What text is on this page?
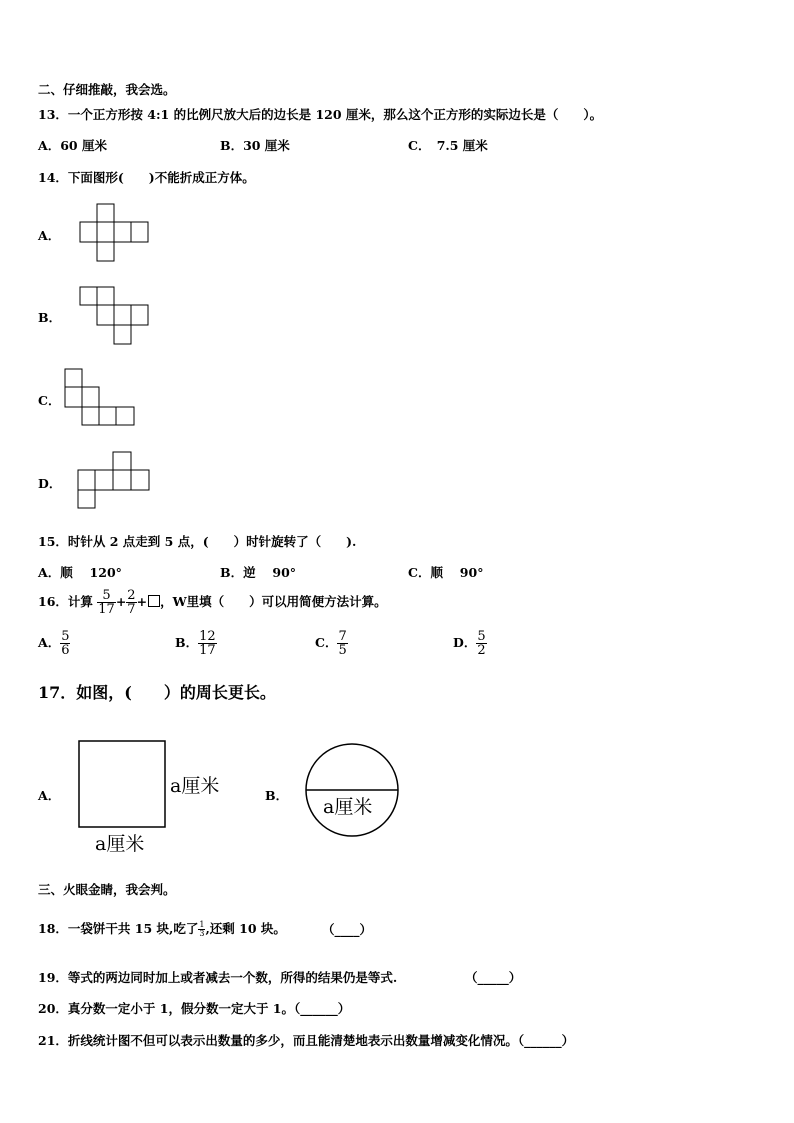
二、仔细推敲，我会选。
13．一个正方形按 4:1 的比例尺放大后的边长是 120 厘米，那么这个正方形的实际边长是（　　）。
A．60 厘米	B．30 厘米	C．　7.5 厘米
14．下面图形(　　)不能折成正方体。
A．
B．
C．
D．
15．时针从 2 点走到 5 点，(　　）时针旋转了（　　).
A．顺　 120°	B．逆　 90°	C．顺　 90°
16．计算 $\frac{5}{17} + \frac{2}{7}$ + ，W里填（　　）可以用简便方法计算。
A． $\frac{5}{6}$	B． $\frac{12}{17}$	C． $\frac{7}{5}$	D． $\frac{5}{2}$
17．如图，(　　）的周长更长。
A．	a厘米
a厘米
B．
a厘米
三、火眼金睛，我会判。
18．一袋饼干共 15 块,吃了 $\frac{1}{3}$ ,还剩 10 块。	（____）
19．等式的两边同时加上或者减去一个数，所得的结果仍是等式.	（_____）
20．真分数一定小于 1，假分数一定大于 1。（______）
21．折线统计图不但可以表示出数量的多少，而且能清楚地表示出数量增减变化情况。（______）
